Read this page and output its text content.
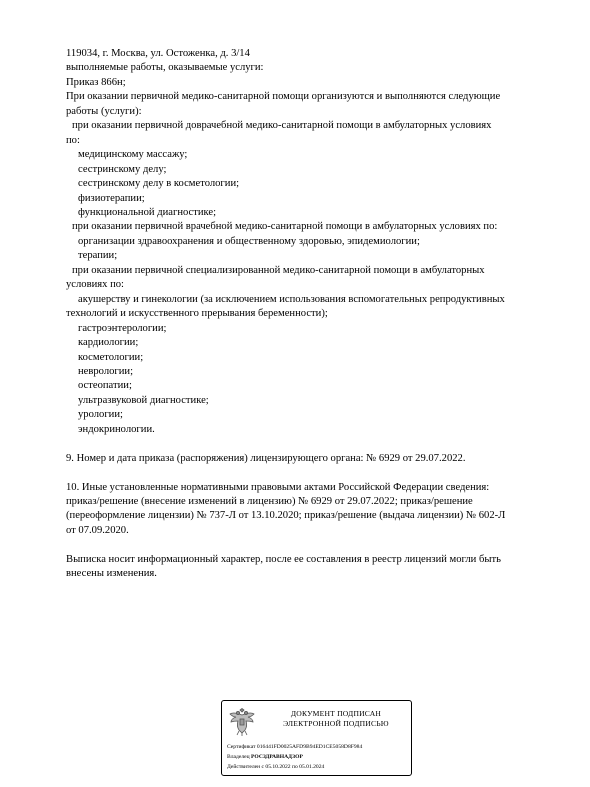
119034, г. Москва, ул. Остоженка, д. 3/14
выполняемые работы, оказываемые услуги:
Приказ 866н;
При оказании первичной медико-санитарной помощи организуются и выполняются следующие
работы (услуги):
при оказании первичной доврачебной медико-санитарной помощи в амбулаторных условиях
по:
медицинскому массажу;
сестринскому делу;
сестринскому делу в косметологии;
физиотерапии;
функциональной диагностике;
при оказании первичной врачебной медико-санитарной помощи в амбулаторных условиях по:
организации здравоохранения и общественному здоровью, эпидемиологии;
терапии;
при оказании первичной специализированной медико-санитарной помощи в амбулаторных
условиях по:
акушерству и гинекологии (за исключением использования вспомогательных репродуктивных
технологий и искусственного прерывания беременности);
гастроэнтерологии;
кардиологии;
косметологии;
неврологии;
остеопатии;
ультразвуковой диагностике;
урологии;
эндокринологии.
9. Номер и дата приказа (распоряжения) лицензирующего органа: № 6929 от 29.07.2022.
10. Иные установленные нормативными правовыми актами Российской Федерации сведения:
приказ/решение (внесение изменений в лицензию) № 6929 от 29.07.2022; приказ/решение
(переоформление лицензии) № 737-Л от 13.10.2020; приказ/решение (выдача лицензии) № 602-Л
от 07.09.2020.
Выписка носит информационный характер, после ее составления в реестр лицензий могли быть
внесены изменения.
ДОКУМЕНТ ПОДПИСАН
ЭЛЕКТРОННОЙ ПОДПИСЬЮ
Сертификат 016441FD0025AFD9B94ED1CE5058D8F984
Владелец РОСЗДРАВНАДЗОР
Действителен с 05.10.2022 по 05.01.2024
